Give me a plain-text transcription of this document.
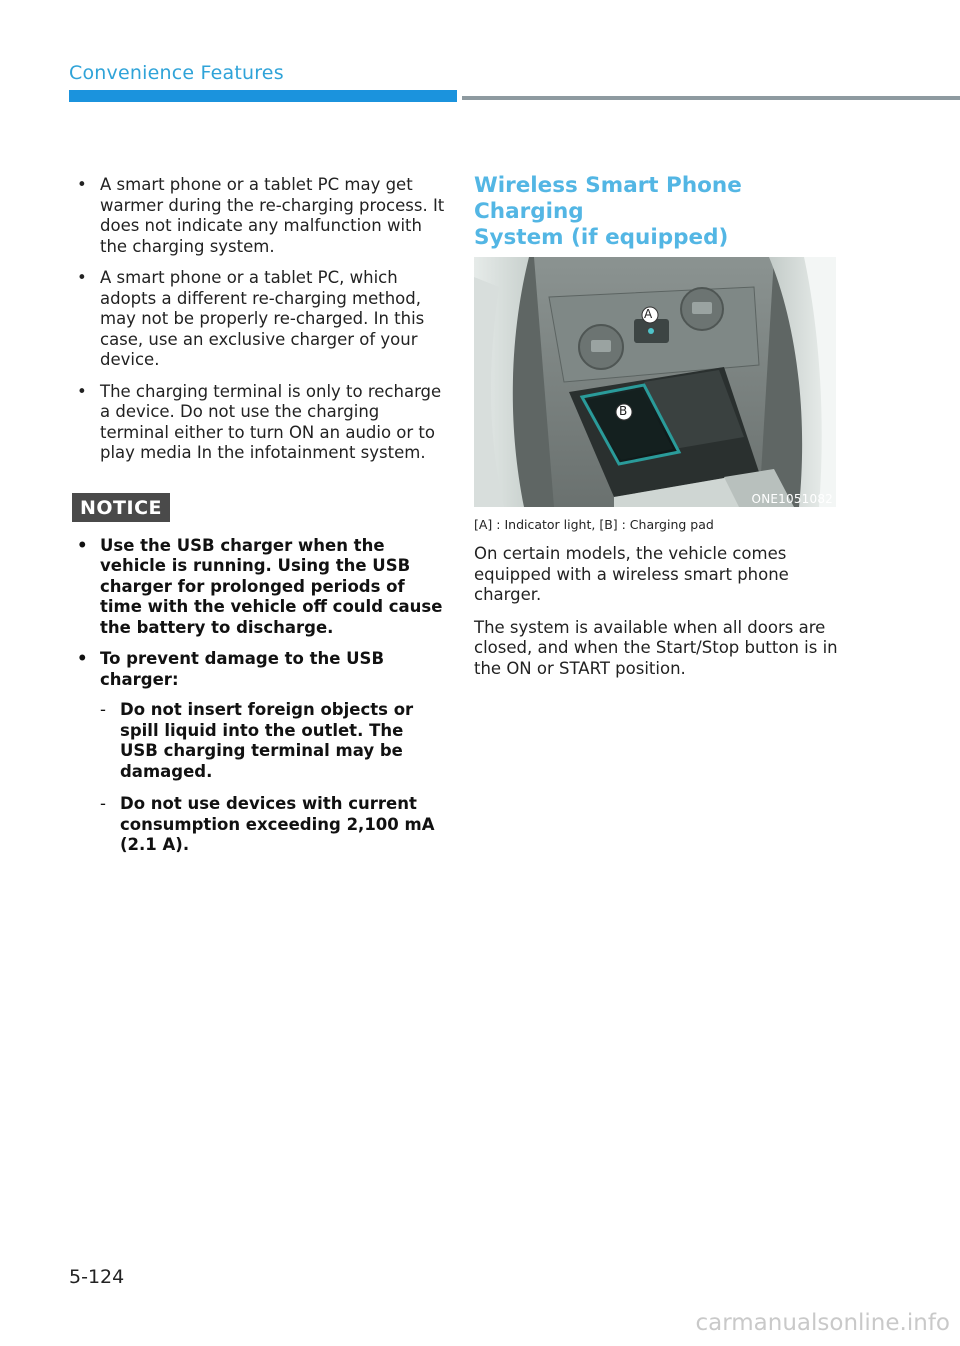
Convenience Features
• A smart phone or a tablet PC may get warmer during the re-charging process. It does not indicate any malfunction with the charging system.
• A smart phone or a tablet PC, which adopts a different re-charging method, may not be properly re-charged. In this case, use an exclusive charger of your device.
• The charging terminal is only to recharge a device. Do not use the charging terminal either to turn ON an audio or to play media In the infotainment system.
NOTICE
• Use the USB charger when the vehicle is running. Using the USB charger for prolonged periods of time with the vehicle off could cause the battery to discharge.
• To prevent damage to the USB charger:
- Do not insert foreign objects or spill liquid into the outlet. The USB charging terminal may be damaged.
- Do not use devices with current consumption exceeding 2,100 mA (2.1 A).
Wireless Smart Phone Charging
System (if equipped)
A
B
ONE1051082
[A] : Indicator light, [B] : Charging pad

On certain models, the vehicle comes equipped with a wireless smart phone charger.

The system is available when all doors are closed, and when the Start/Stop button is in the ON or START position.

5-124
carmanualsonline.info
